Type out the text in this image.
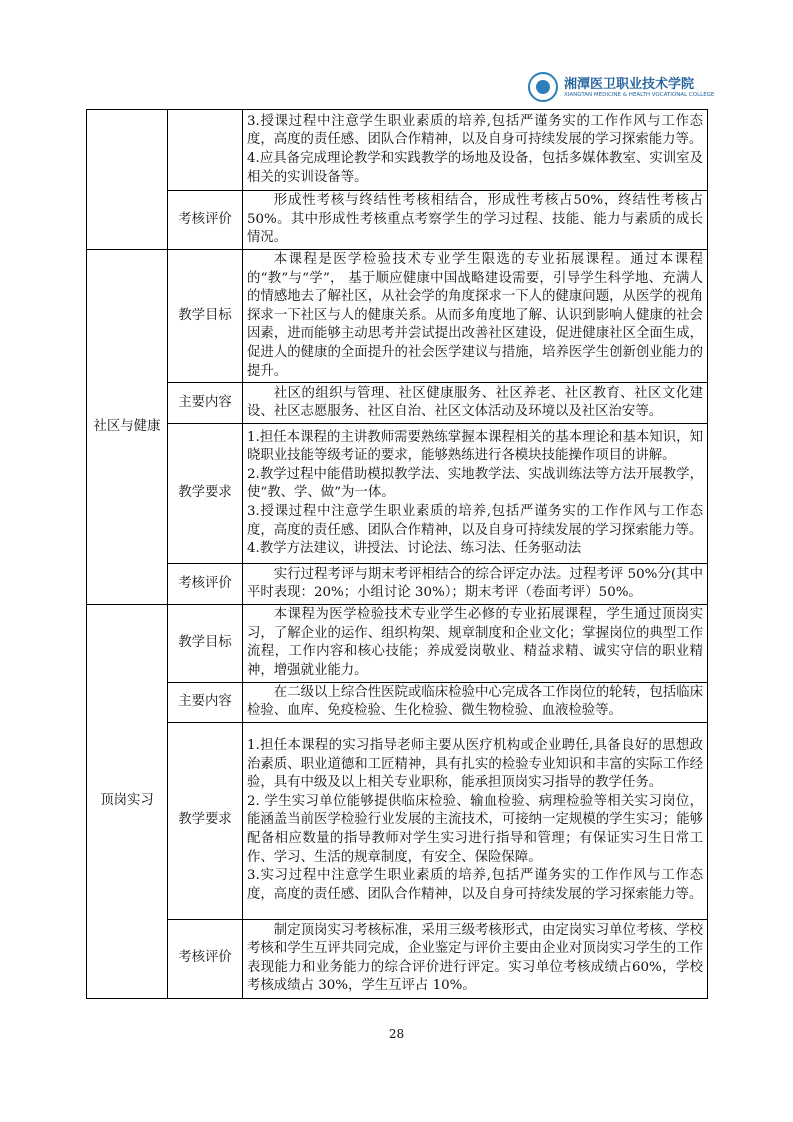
湘潭医卫职业技术学院
XIANGTAN MEDICINE & HEALTH VOCATIONAL COLLEGE

		3.授课过程中注意学生职业素质的培养,包括严谨务实的工作作风与工作态度，高度的责任感、团队合作精神，以及自身可持续发展的学习探索能力等。

4.应具备完成理论教学和实践教学的场地及设备，包括多媒体教室、实训室及相关的实训设备等。

	考核评价	形成性考核与终结性考核相结合，形成性考核占50%，终结性考核占50%。其中形成性考核重点考察学生的学习过程、技能、能力与素质的成长情况。
社区与健康	教学目标	本课程是医学检验技术专业学生限选的专业拓展课程。通过本课程的“教”与“学”， 基于顺应健康中国战略建设需要，引导学生科学地、充满人的情感地去了解社区，从社会学的角度探求一下人的健康问题，从医学的视角探求一下社区与人的健康关系。从而多角度地了解、认识到影响人健康的社会因素，进而能够主动思考并尝试提出改善社区建设，促进健康社区全面生成，促进人的健康的全面提升的社会医学建议与措施，培养医学生创新创业能力的提升。
	主要内容	社区的组织与管理、社区健康服务、社区养老、社区教育、社区文化建设、社区志愿服务、社区自治、社区文体活动及环境以及社区治安等。
	教学要求	1.担任本课程的主讲教师需要熟练掌握本课程相关的基本理论和基本知识，知晓职业技能等级考证的要求，能够熟练进行各模块技能操作项目的讲解。

2.教学过程中能借助模拟教学法、实地教学法、实战训练法等方法开展教学，使“教、学、做”为一体。

3.授课过程中注意学生职业素质的培养,包括严谨务实的工作作风与工作态度，高度的责任感、团队合作精神，以及自身可持续发展的学习探索能力等。

4.教学方法建议，讲授法、讨论法、练习法、任务驱动法

	考核评价	实行过程考评与期末考评相结合的综合评定办法。过程考评 50%分(其中平时表现：20%；小组讨论 30%）；期末考评（卷面考评）50%。
顶岗实习	教学目标	本课程为医学检验技术专业学生必修的专业拓展课程，学生通过顶岗实习，了解企业的运作、组织构架、规章制度和企业文化；掌握岗位的典型工作流程，工作内容和核心技能；养成爱岗敬业、精益求精、诚实守信的职业精神，增强就业能力。
	主要内容	在二级以上综合性医院或临床检验中心完成各工作岗位的轮转，包括临床检验、血库、免疫检验、生化检验、微生物检验、血液检验等。
	教学要求	1.担任本课程的实习指导老师主要从医疗机构或企业聘任,具备良好的思想政治素质、职业道德和工匠精神，具有扎实的检验专业知识和丰富的实际工作经验，具有中级及以上相关专业职称，能承担顶岗实习指导的教学任务。

2. 学生实习单位能够提供临床检验、输血检验、病理检验等相关实习岗位，能涵盖当前医学检验行业发展的主流技术，可接纳一定规模的学生实习；能够配备相应数量的指导教师对学生实习进行指导和管理；有保证实习生日常工作、学习、生活的规章制度，有安全、保险保障。

3.实习过程中注意学生职业素质的培养,包括严谨务实的工作作风与工作态度，高度的责任感、团队合作精神，以及自身可持续发展的学习探索能力等。

	考核评价	制定顶岗实习考核标准，采用三级考核形式，由定岗实习单位考核、学校考核和学生互评共同完成，企业鉴定与评价主要由企业对顶岗实习学生的工作表现能力和业务能力的综合评价进行评定。实习单位考核成绩占60%，学校考核成绩占 30%，学生互评占 10%。
28
